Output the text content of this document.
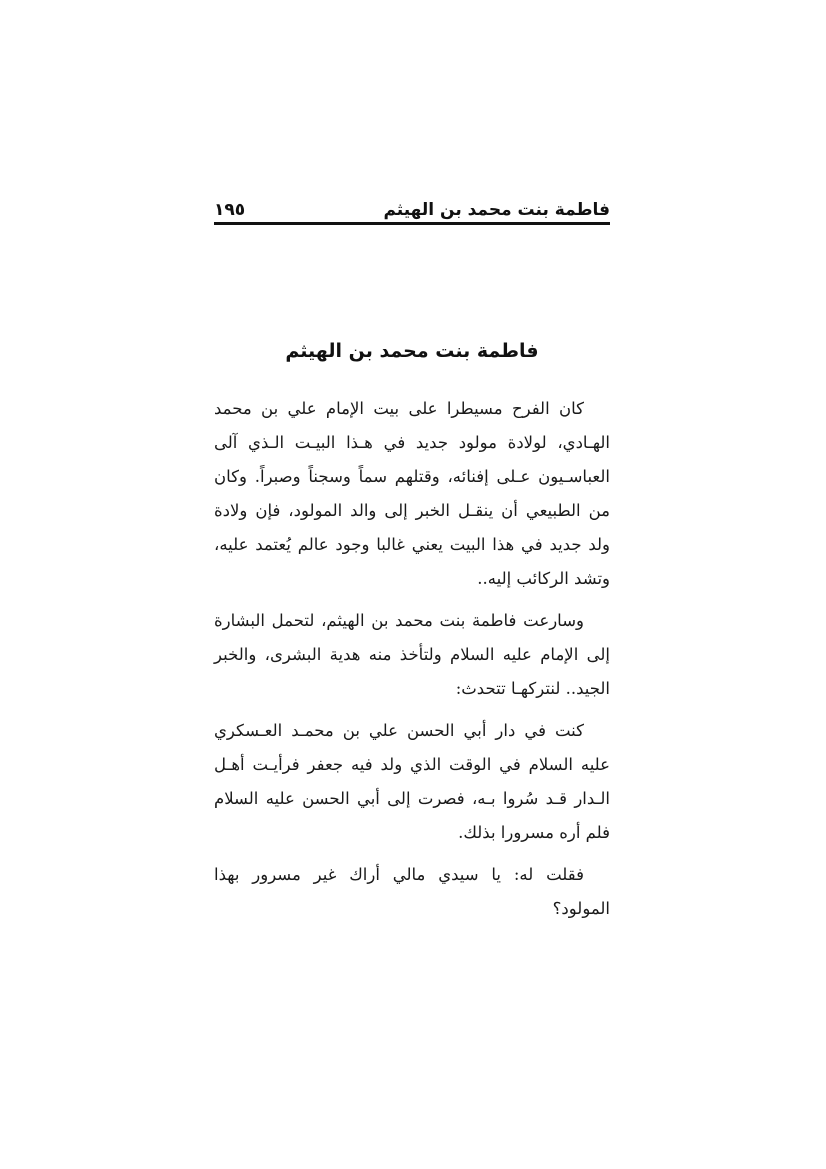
فاطمة بنت محمد بن الهيثم
١٩٥
فاطمة بنت محمد بن الهيثم

كان الفرح مسيطرا على بيت الإمام علي بن محمد الهـادي، لولادة مولود جديد في هـذا البيـت الـذي آلى العباسـيون عـلى إفنائه، وقتلهم سماً وسجناً وصبراً. وكان من الطبيعي أن ينقـل الخبر إلى والد المولود، فإن ولادة ولد جديد في هذا البيت يعني غالبا وجود عالم يُعتمد عليه، وتشد الركائب إليه..

وسارعت فاطمة بنت محمد بن الهيثم، لتحمل البشارة إلى الإمام عليه السلام ولتأخذ منه هدية البشرى، والخبر الجيد.. لنتركهـا تتحدث:

كنت في دار أبي الحسن علي بن محمـد العـسكري عليه السلام في الوقت الذي ولد فيه جعفر فرأيـت أهـل الـدار قـد سُروا بـه، فصرت إلى أبي الحسن عليه السلام فلم أره مسرورا بذلك.

فقلت له: يا سيدي مالي أراك غير مسرور بهذا المولود؟
